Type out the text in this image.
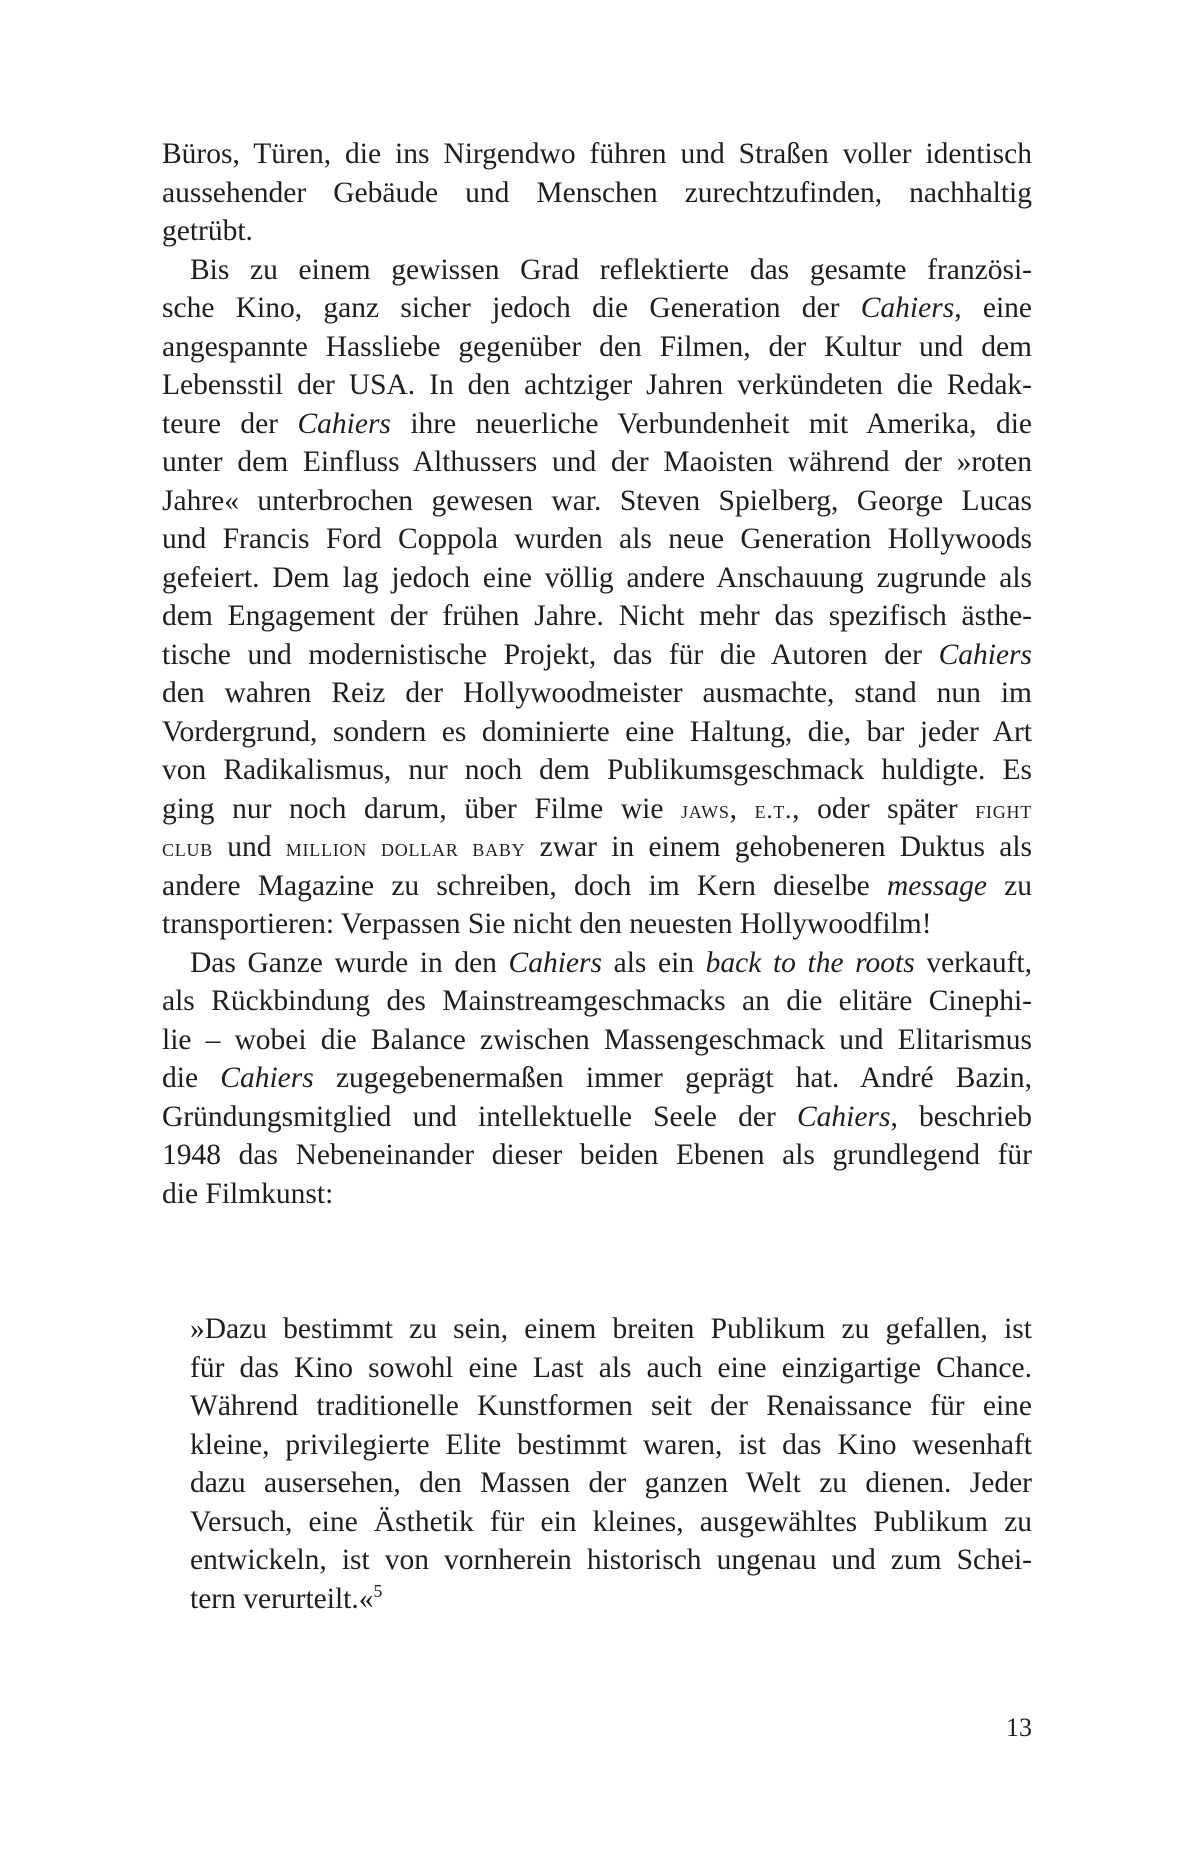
Büros, Türen, die ins Nirgendwo führen und Straßen voller identisch
aussehender Gebäude und Menschen zurechtzufinden, nachhaltig
getrübt.
Bis zu einem gewissen Grad reflektierte das gesamte französi-
sche Kino, ganz sicher jedoch die Generation der Cahiers, eine
angespannte Hassliebe gegenüber den Filmen, der Kultur und dem
Lebensstil der USA. In den achtziger Jahren verkündeten die Redak-
teure der Cahiers ihre neuerliche Verbundenheit mit Amerika, die
unter dem Einfluss Althussers und der Maoisten während der »roten
Jahre« unterbrochen gewesen war. Steven Spielberg, George Lucas
und Francis Ford Coppola wurden als neue Generation Hollywoods
gefeiert. Dem lag jedoch eine völlig andere Anschauung zugrunde als
dem Engagement der frühen Jahre. Nicht mehr das spezifisch ästhe-
tische und modernistische Projekt, das für die Autoren der Cahiers
den wahren Reiz der Hollywoodmeister ausmachte, stand nun im
Vordergrund, sondern es dominierte eine Haltung, die, bar jeder Art
von Radikalismus, nur noch dem Publikumsgeschmack huldigte. Es
ging nur noch darum, über Filme wie jaws, e.t., oder später fight
club und million dollar baby zwar in einem gehobeneren Duktus als
andere Magazine zu schreiben, doch im Kern dieselbe message zu
transportieren: Verpassen Sie nicht den neuesten Hollywoodfilm!
Das Ganze wurde in den Cahiers als ein back to the roots verkauft,
als Rückbindung des Mainstreamgeschmacks an die elitäre Cinephi-
lie – wobei die Balance zwischen Massengeschmack und Elitarismus
die Cahiers zugegebenermaßen immer geprägt hat. André Bazin,
Gründungsmitglied und intellektuelle Seele der Cahiers, beschrieb
1948 das Nebeneinander dieser beiden Ebenen als grundlegend für
die Filmkunst:
»Dazu bestimmt zu sein, einem breiten Publikum zu gefallen, ist
für das Kino sowohl eine Last als auch eine einzigartige Chance.
Während traditionelle Kunstformen seit der Renaissance für eine
kleine, privilegierte Elite bestimmt waren, ist das Kino wesenhaft
dazu ausersehen, den Massen der ganzen Welt zu dienen. Jeder
Versuch, eine Ästhetik für ein kleines, ausgewähltes Publikum zu
entwickeln, ist von vornherein historisch ungenau und zum Schei-
tern verurteilt.«$^5$
13
